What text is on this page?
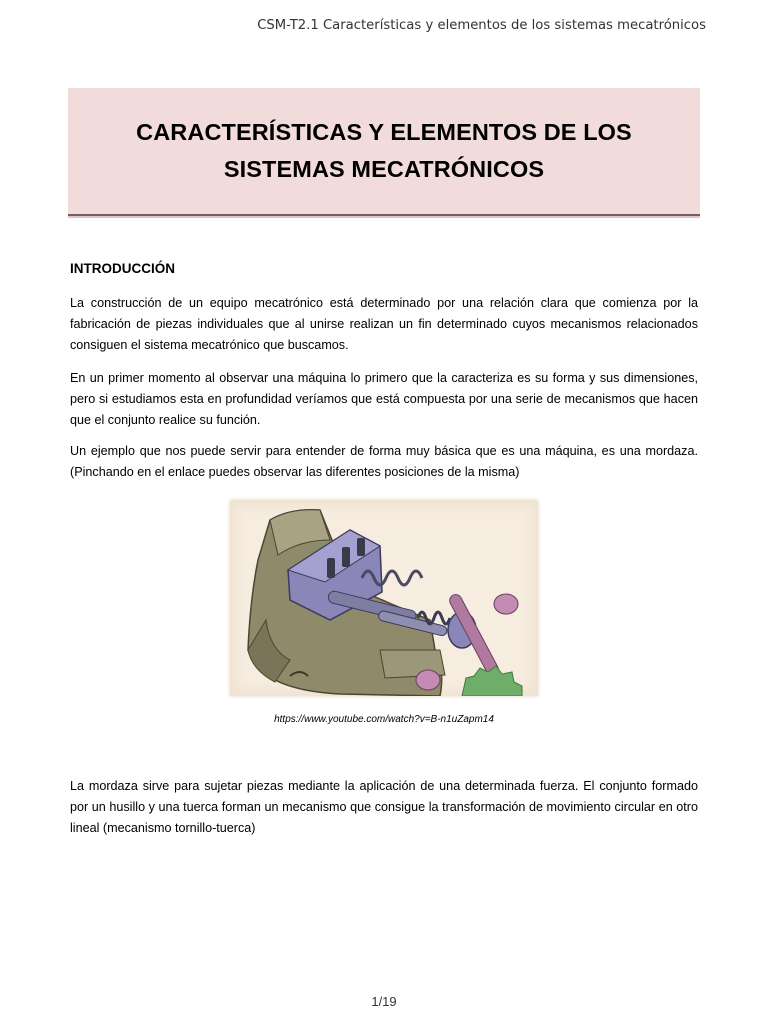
CSM-T2.1 Características y elementos de los sistemas mecatrónicos
CARACTERÍSTICAS Y ELEMENTOS DE LOS
SISTEMAS MECATRÓNICOS
INTRODUCCIÓN
La construcción de un equipo mecatrónico está determinado por una relación clara que comienza por la fabricación de piezas individuales que al unirse realizan un fin determinado cuyos mecanismos relacionados consiguen el sistema mecatrónico que buscamos.
En un primer momento al observar una máquina lo primero que la caracteriza es su forma y sus dimensiones, pero si estudiamos esta en profundidad veríamos que está compuesta por una serie de mecanismos que hacen que el conjunto realice su función.
Un ejemplo que nos puede servir para entender de forma muy básica que es una máquina, es una mordaza. (Pinchando en el enlace puedes observar las diferentes posiciones de la misma)
https://www.youtube.com/watch?v=B-n1uZapm14
La mordaza sirve para sujetar piezas mediante la aplicación de una determinada fuerza. El conjunto formado por un husillo y una tuerca forman un mecanismo que consigue la transformación de movimiento circular en otro lineal (mecanismo tornillo-tuerca)
1/19
